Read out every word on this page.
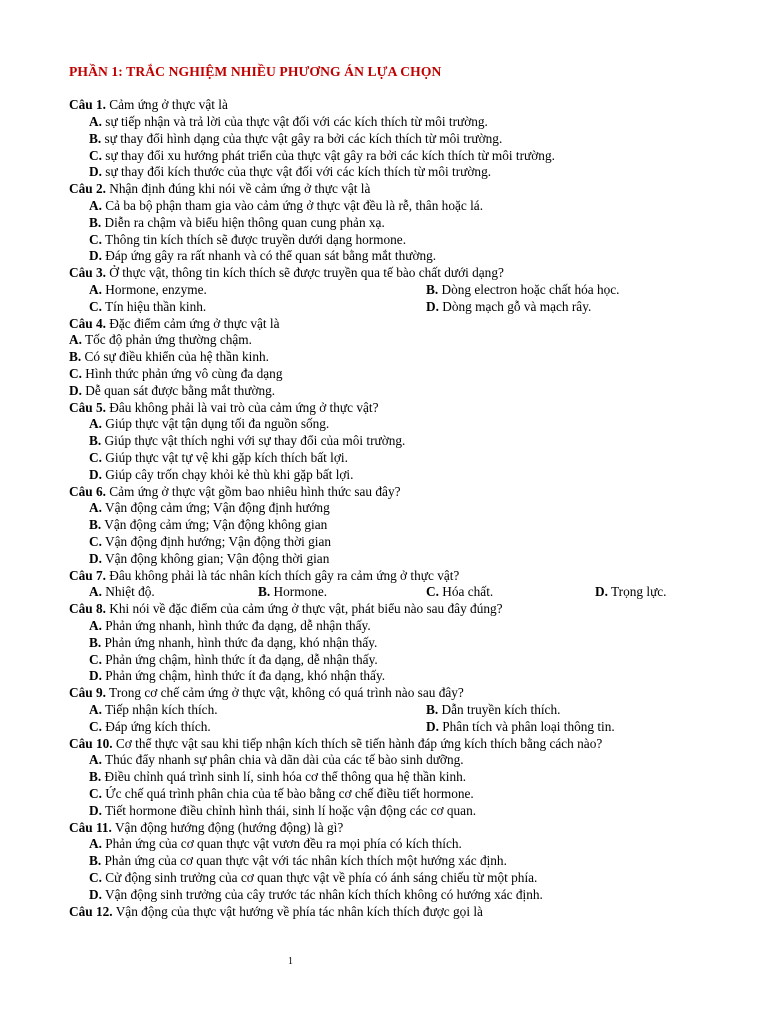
PHẦN 1: TRẮC NGHIỆM NHIỀU PHƯƠNG ÁN LỰA CHỌN
Câu 1. Cảm ứng ở thực vật là
A. sự tiếp nhận và trả lời của thực vật đối với các kích thích từ môi trường.
B. sự thay đổi hình dạng của thực vật gây ra bởi các kích thích từ môi trường.
C. sự thay đổi xu hướng phát triển của thực vật gây ra bởi các kích thích từ môi trường.
D. sự thay đổi kích thước của thực vật đối với các kích thích từ môi trường.
Câu 2. Nhận định đúng khi nói về cảm ứng ở thực vật là
A. Cả ba bộ phận tham gia vào cảm ứng ở thực vật đều là rễ, thân hoặc lá.
B. Diễn ra chậm và biểu hiện thông quan cung phản xạ.
C. Thông tin kích thích sẽ được truyền dưới dạng hormone.
D. Đáp ứng gây ra rất nhanh và có thể quan sát bằng mắt thường.
Câu 3. Ở thực vật, thông tin kích thích sẽ được truyền qua tế bào chất dưới dạng?
A. Hormone, enzyme.	B. Dòng electron hoặc chất hóa học.
C. Tín hiệu thần kinh.	D. Dòng mạch gỗ và mạch rây.
Câu 4. Đặc điểm cảm ứng ở thực vật là
A. Tốc độ phản ứng thường chậm.
B. Có sự điều khiển của hệ thần kinh.
C. Hình thức phản ứng vô cùng đa dạng
D. Dễ quan sát được bằng mắt thường.
Câu 5. Đâu không phải là vai trò của cảm ứng ở thực vật?
A. Giúp thực vật tận dụng tối đa nguồn sống.
B. Giúp thực vật thích nghi với sự thay đổi của môi trường.
C. Giúp thực vật tự vệ khi gặp kích thích bất lợi.
D. Giúp cây trốn chạy khỏi kẻ thù khi gặp bất lợi.
Câu 6. Cảm ứng ở thực vật gồm bao nhiêu hình thức sau đây?
A. Vận động cảm ứng; Vận động định hướng
B. Vận động cảm ứng; Vận động không gian
C. Vận động định hướng; Vận động thời gian
D. Vận động không gian; Vận động thời gian
Câu 7. Đâu không phải là tác nhân kích thích gây ra cảm ứng ở thực vật?
A. Nhiệt độ.	B. Hormone.	C. Hóa chất.	D. Trọng lực.
Câu 8. Khi nói về đặc điểm của cảm ứng ở thực vật, phát biểu nào sau đây đúng?
A. Phản ứng nhanh, hình thức đa dạng, dễ nhận thấy.
B. Phản ứng nhanh, hình thức đa dạng, khó nhận thấy.
C. Phản ứng chậm, hình thức ít đa dạng, dễ nhận thấy.
D. Phản ứng chậm, hình thức ít đa dạng, khó nhận thấy.
Câu 9. Trong cơ chế cảm ứng ở thực vật, không có quá trình nào sau đây?
A. Tiếp nhận kích thích.	B. Dẫn truyền kích thích.
C. Đáp ứng kích thích.	D. Phân tích và phân loại thông tin.
Câu 10. Cơ thể thực vật sau khi tiếp nhận kích thích sẽ tiến hành đáp ứng kích thích bằng cách nào?
A. Thúc đẩy nhanh sự phân chia và dãn dài của các tế bào sinh dưỡng.
B. Điều chỉnh quá trình sinh lí, sinh hóa cơ thể thông qua hệ thần kinh.
C. Ức chế quá trình phân chia của tế bào bằng cơ chế điều tiết hormone.
D. Tiết hormone điều chỉnh hình thái, sinh lí hoặc vận động các cơ quan.
Câu 11. Vận động hướng động (hướng động) là gì?
A. Phản ứng của cơ quan thực vật vươn đều ra mọi phía có kích thích.
B. Phản ứng của cơ quan thực vật với tác nhân kích thích một hướng xác định.
C. Cử động sinh trưởng của cơ quan thực vật về phía có ánh sáng chiếu từ một phía.
D. Vận động sinh trưởng của cây trước tác nhân kích thích không có hướng xác định.
Câu 12. Vận động của thực vật hướng về phía tác nhân kích thích được gọi là
1
